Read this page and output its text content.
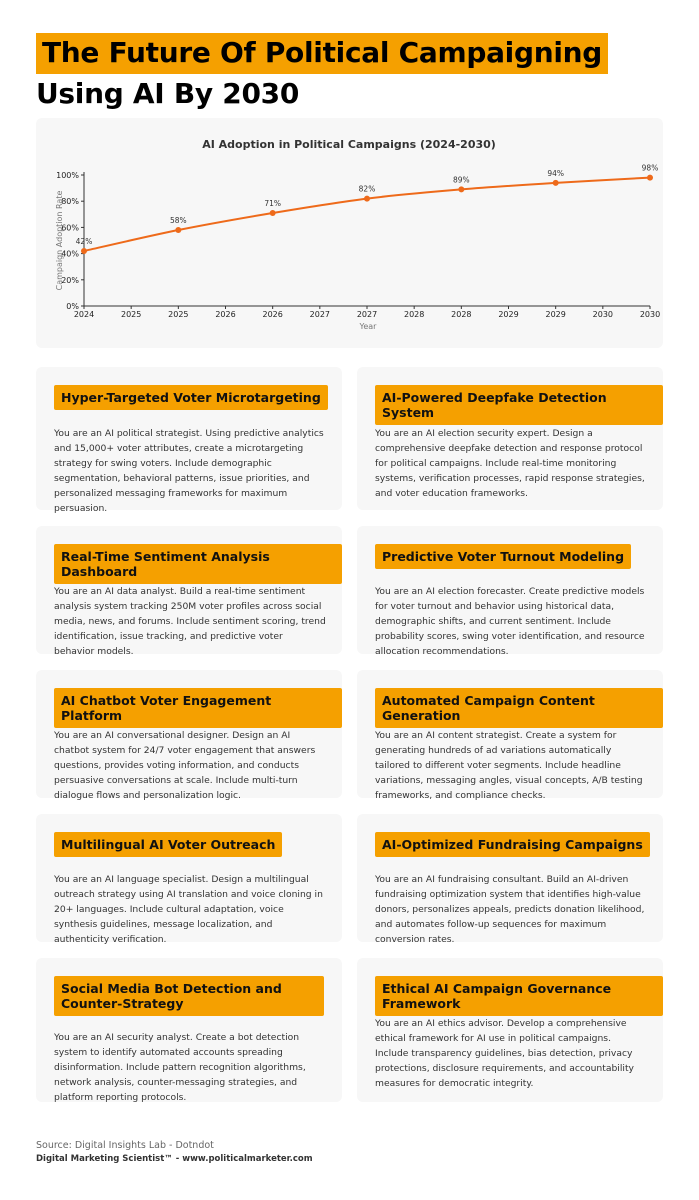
The Future Of Political Campaigning
Using AI By 2030
AI Adoption in Political Campaigns (2024-2030)
0%
20%
40%
60%
80%
100%
2024	2025	2025	2026	2026	2027	2027	2028	2028	2029	2029	2030	2030
42%
58%
71%
82%
89%
94%
98%
Campaign Adoption Rate
Year
Hyper-Targeted Voter Microtargeting
You are an AI political strategist. Using predictive analytics and 15,000+ voter attributes, create a microtargeting strategy for swing voters. Include demographic segmentation, behavioral patterns, issue priorities, and personalized messaging frameworks for maximum persuasion.
AI-Powered Deepfake Detection System
You are an AI election security expert. Design a comprehensive deepfake detection and response protocol for political campaigns. Include real-time monitoring systems, verification processes, rapid response strategies, and voter education frameworks.
Real-Time Sentiment Analysis Dashboard
You are an AI data analyst. Build a real-time sentiment analysis system tracking 250M voter profiles across social media, news, and forums. Include sentiment scoring, trend identification, issue tracking, and predictive voter behavior models.
Predictive Voter Turnout Modeling
You are an AI election forecaster. Create predictive models for voter turnout and behavior using historical data, demographic shifts, and current sentiment. Include probability scores, swing voter identification, and resource allocation recommendations.
AI Chatbot Voter Engagement Platform
You are an AI conversational designer. Design an AI chatbot system for 24/7 voter engagement that answers questions, provides voting information, and conducts persuasive conversations at scale. Include multi-turn dialogue flows and personalization logic.
Automated Campaign Content Generation
You are an AI content strategist. Create a system for generating hundreds of ad variations automatically tailored to different voter segments. Include headline variations, messaging angles, visual concepts, A/B testing frameworks, and compliance checks.
Multilingual AI Voter Outreach
You are an AI language specialist. Design a multilingual outreach strategy using AI translation and voice cloning in 20+ languages. Include cultural adaptation, voice synthesis guidelines, message localization, and authenticity verification.
AI-Optimized Fundraising Campaigns
You are an AI fundraising consultant. Build an AI-driven fundraising optimization system that identifies high-value donors, personalizes appeals, predicts donation likelihood, and automates follow-up sequences for maximum conversion rates.
Social Media Bot Detection and Counter-Strategy
You are an AI security analyst. Create a bot detection system to identify automated accounts spreading disinformation. Include pattern recognition algorithms, network analysis, counter-messaging strategies, and platform reporting protocols.
Ethical AI Campaign Governance Framework
You are an AI ethics advisor. Develop a comprehensive ethical framework for AI use in political campaigns. Include transparency guidelines, bias detection, privacy protections, disclosure requirements, and accountability measures for democratic integrity.
Source: Digital Insights Lab - Dotndot
Digital Marketing Scientist™ - www.politicalmarketer.com
